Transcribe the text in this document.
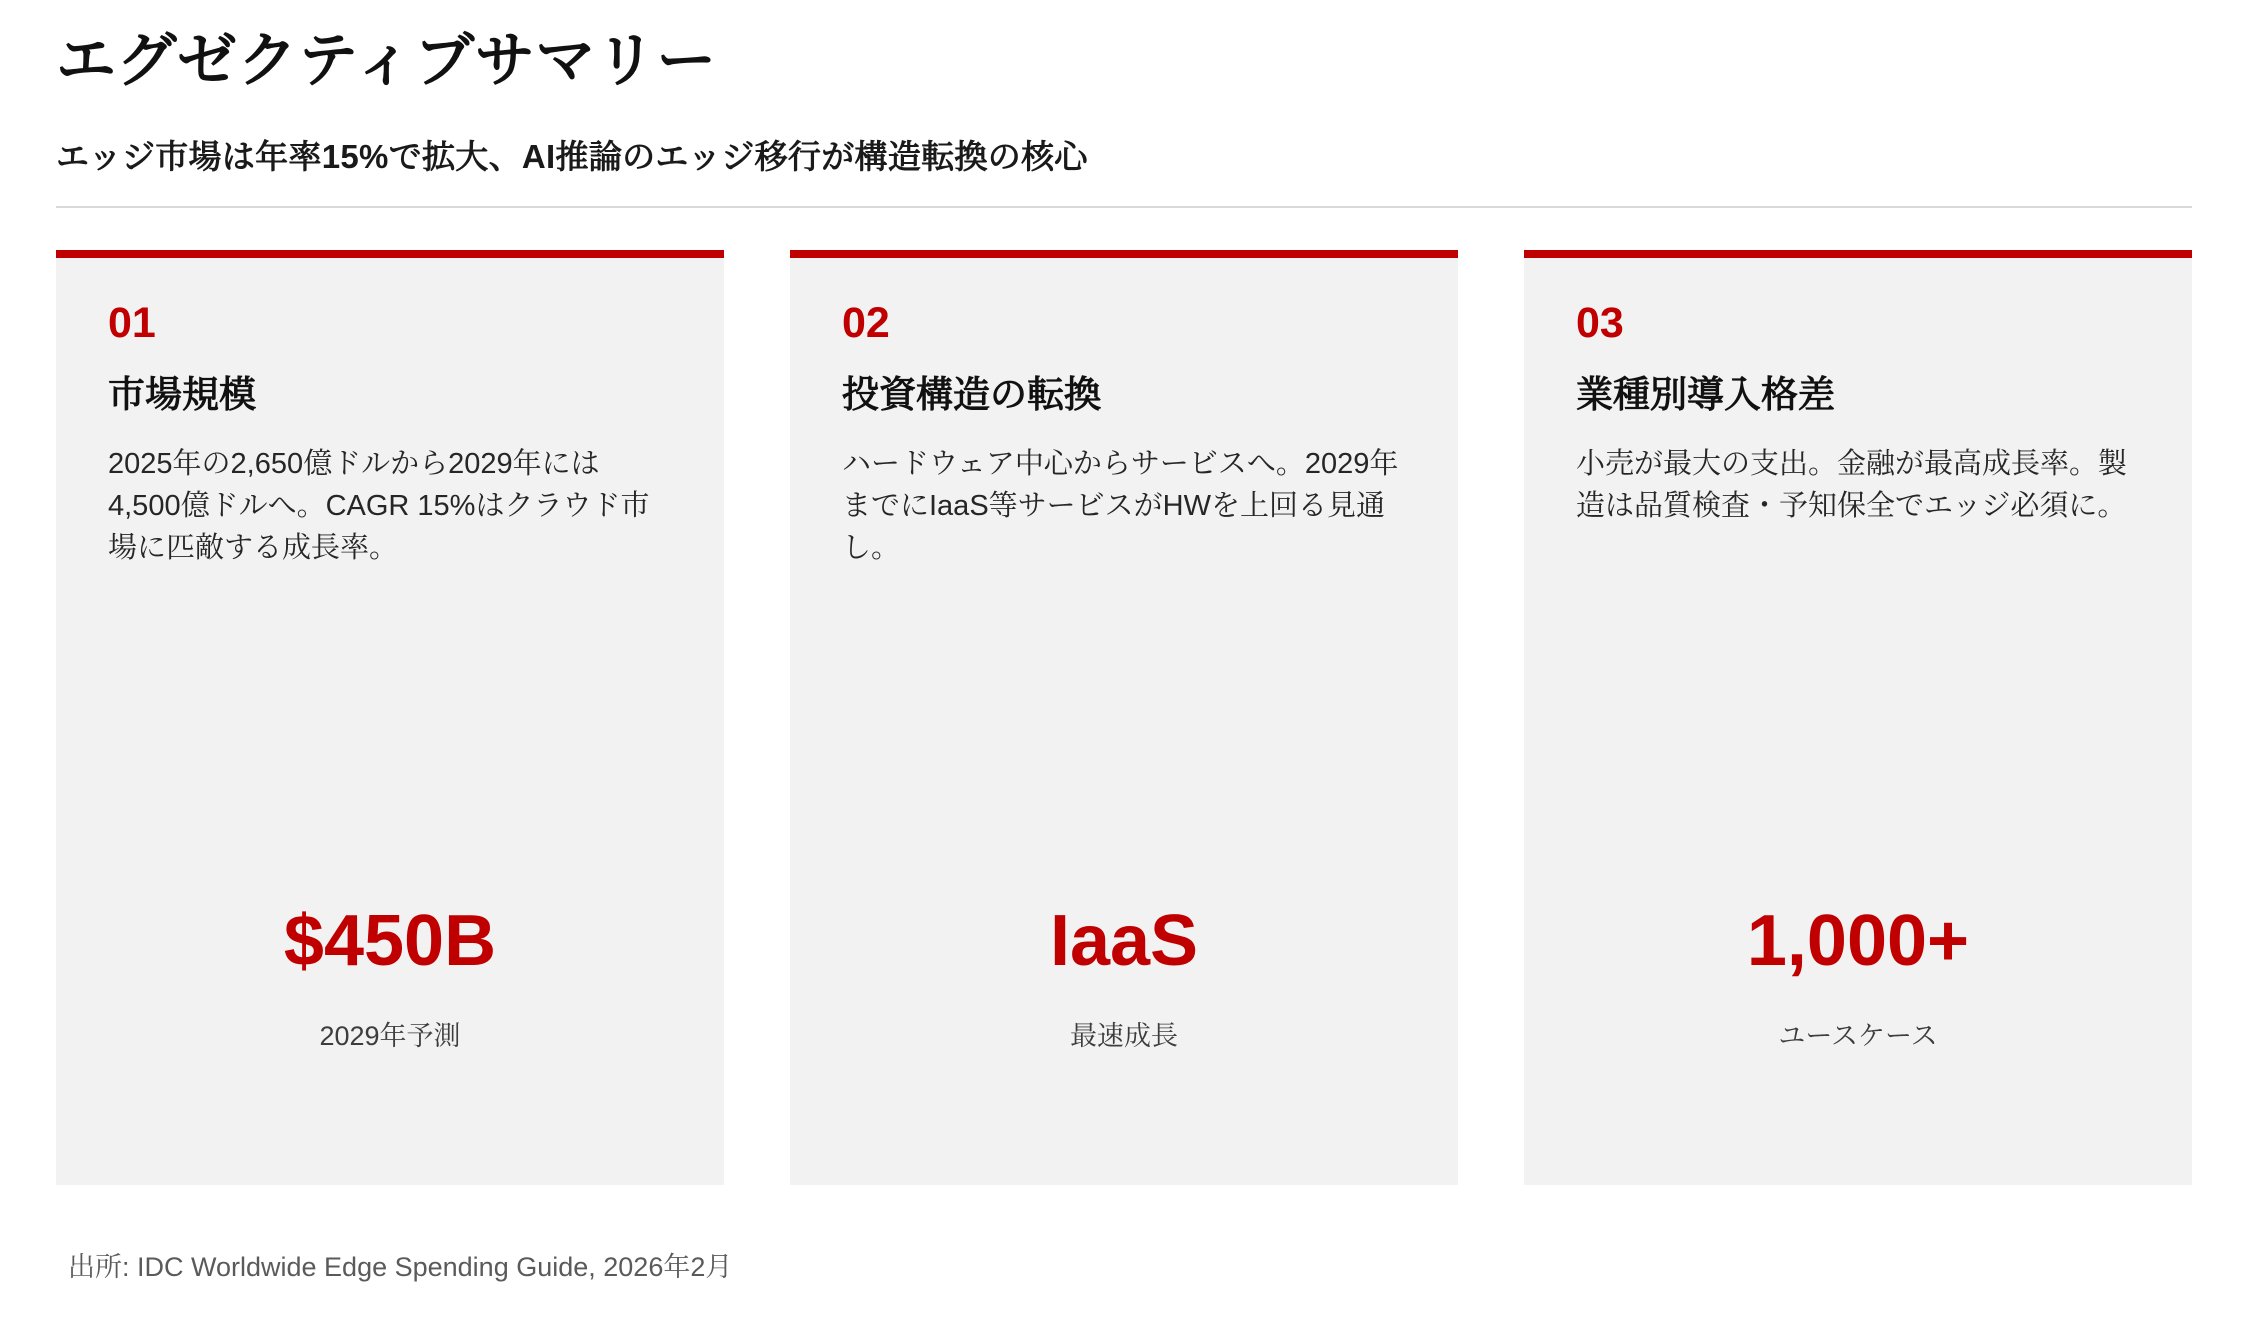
エグゼクティブサマリー
エッジ市場は年率15%で拡大、AI推論のエッジ移行が構造転換の核心
01
市場規模
2025年の2,650億ドルから2029年には4,500億ドルへ。CAGR 15%はクラウド市場に匹敵する成長率。
$450B
2029年予測
02
投資構造の転換
ハードウェア中心からサービスへ。2029年までにIaaS等サービスがHWを上回る見通し。
IaaS
最速成長
03
業種別導入格差
小売が最大の支出。金融が最高成長率。製造は品質検査・予知保全でエッジ必須に。
1,000+
ユースケース
出所: IDC Worldwide Edge Spending Guide, 2026年2月
